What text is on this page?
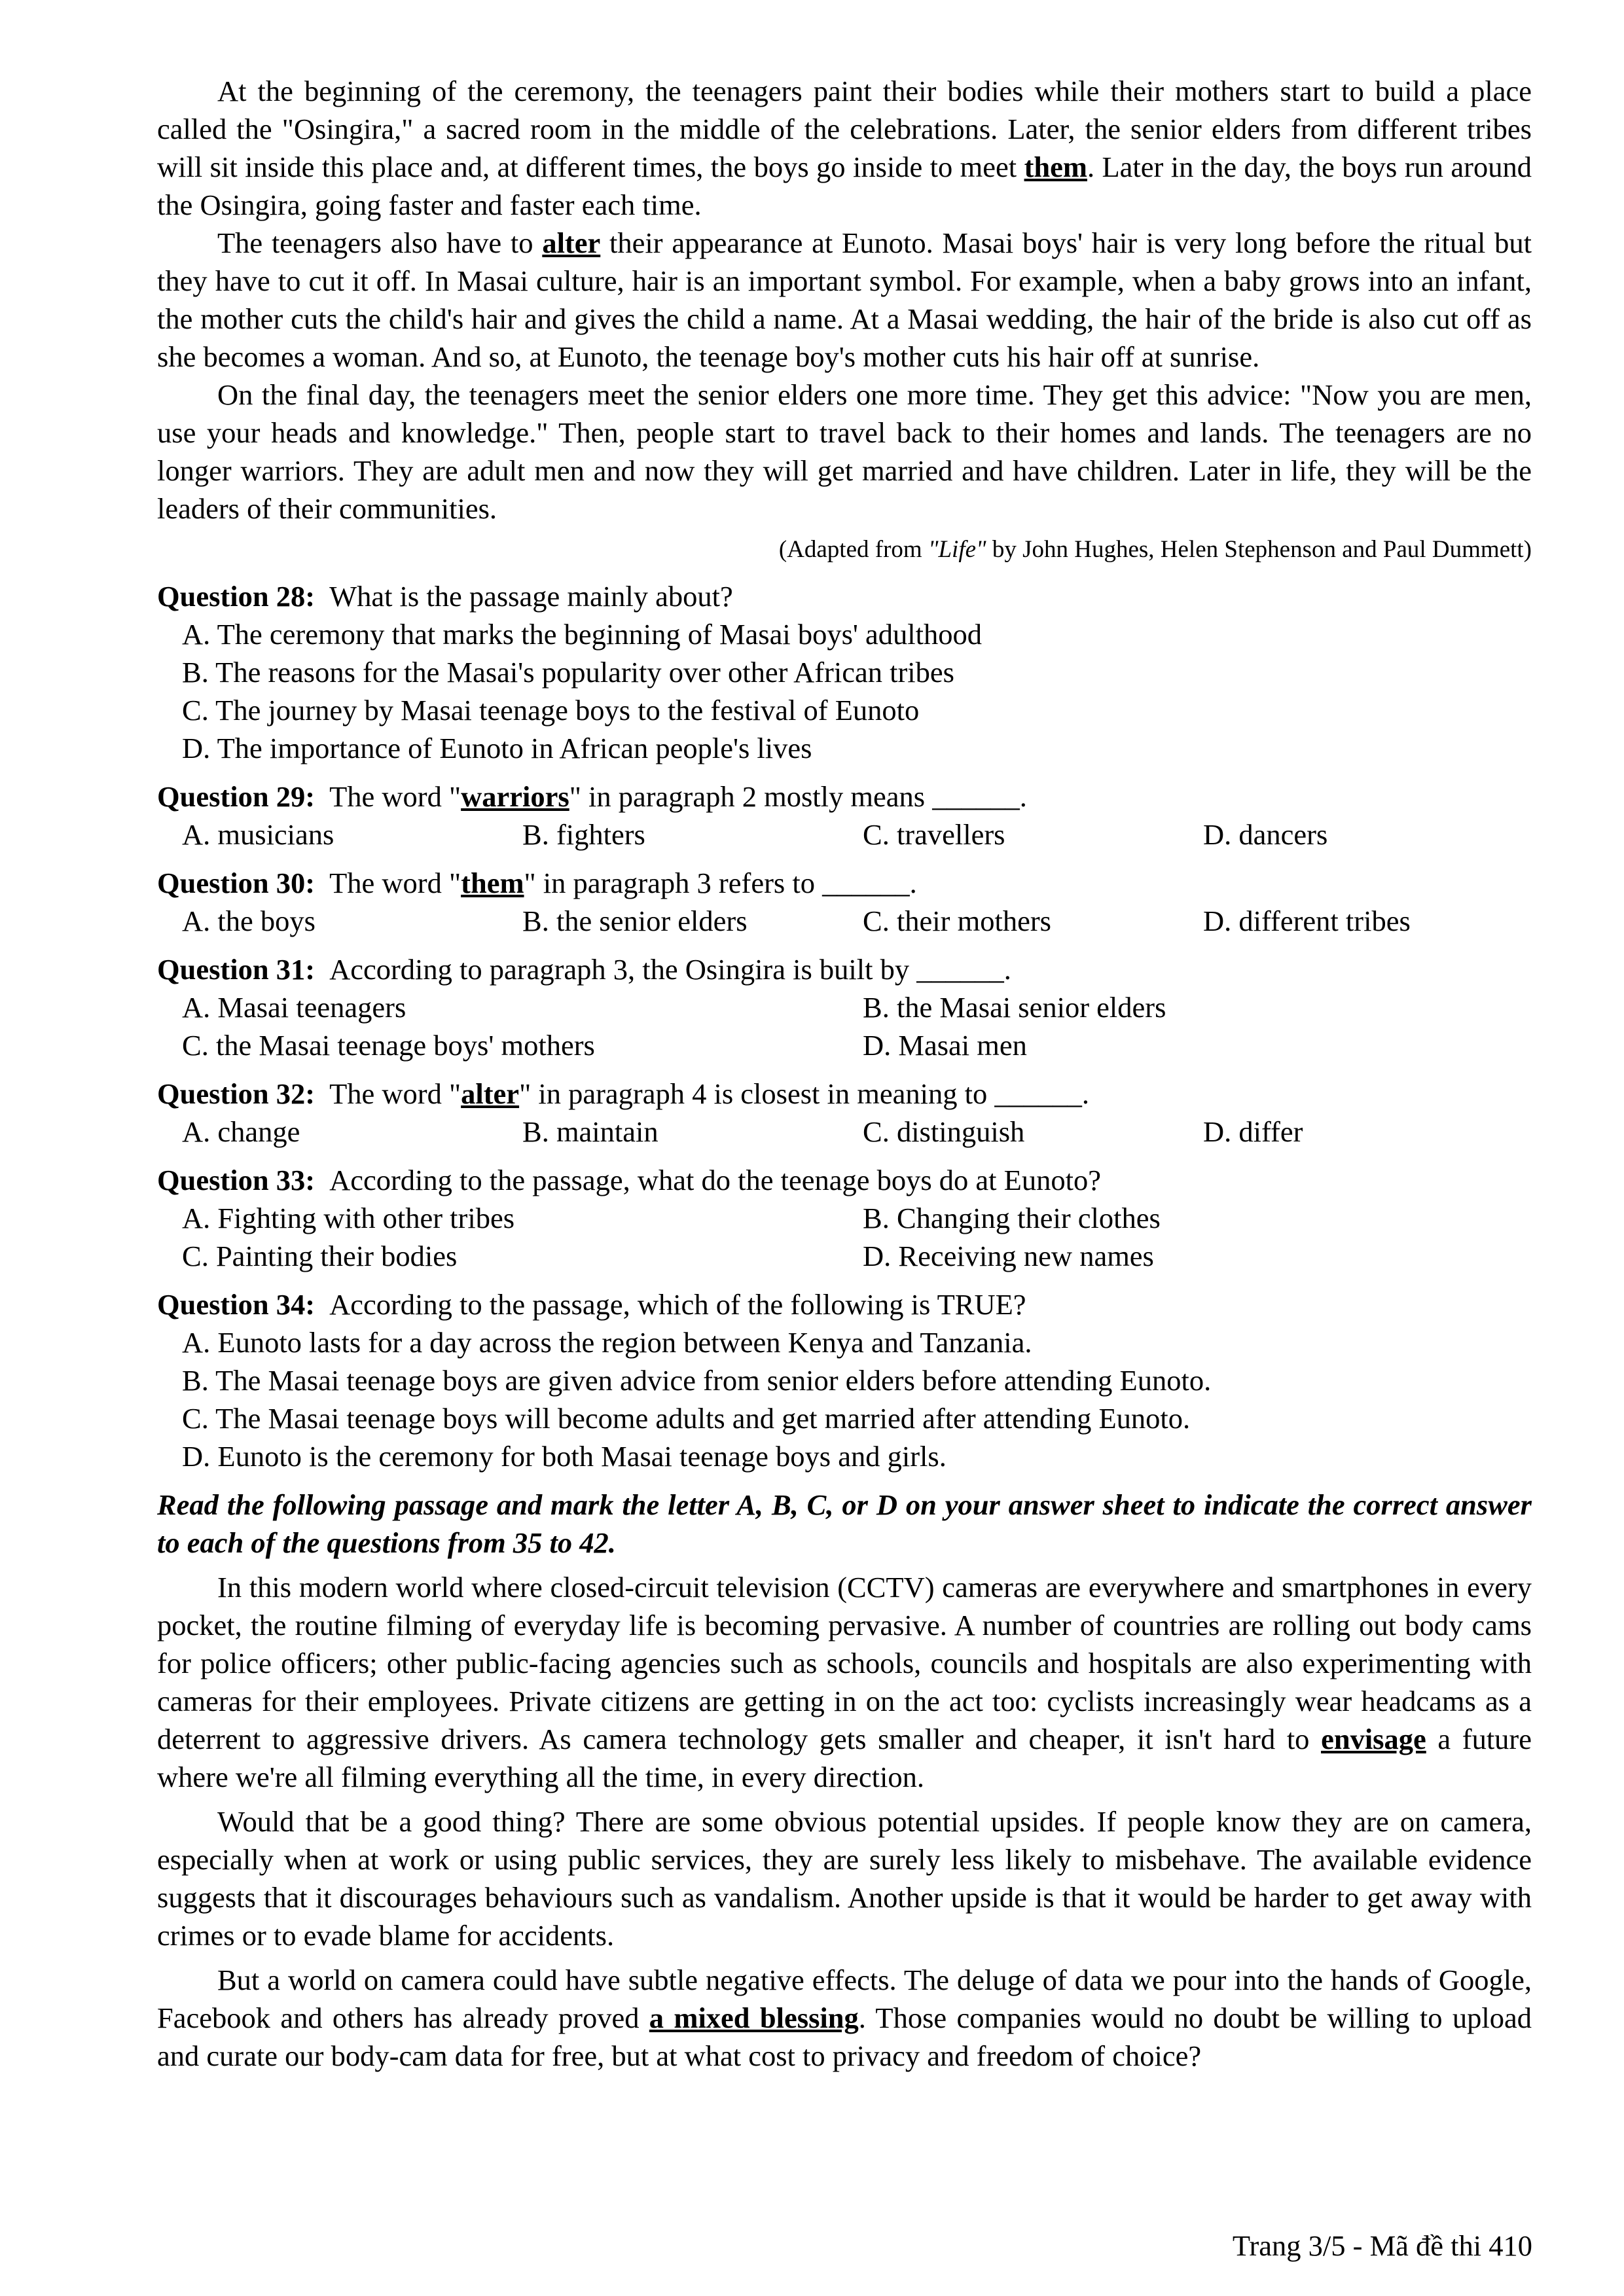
At the beginning of the ceremony, the teenagers paint their bodies while their mothers start to build a place called the "Osingira," a sacred room in the middle of the celebrations. Later, the senior elders from different tribes will sit inside this place and, at different times, the boys go inside to meet them. Later in the day, the boys run around the Osingira, going faster and faster each time.

The teenagers also have to alter their appearance at Eunoto. Masai boys' hair is very long before the ritual but they have to cut it off. In Masai culture, hair is an important symbol. For example, when a baby grows into an infant, the mother cuts the child's hair and gives the child a name. At a Masai wedding, the hair of the bride is also cut off as she becomes a woman. And so, at Eunoto, the teenage boy's mother cuts his hair off at sunrise.

On the final day, the teenagers meet the senior elders one more time. They get this advice: "Now you are men, use your heads and knowledge." Then, people start to travel back to their homes and lands. The teenagers are no longer warriors. They are adult men and now they will get married and have children. Later in life, they will be the leaders of their communities.

(Adapted from "Life" by John Hughes, Helen Stephenson and Paul Dummett)

Question 28: What is the passage mainly about?
A. The ceremony that marks the beginning of Masai boys' adulthood
B. The reasons for the Masai's popularity over other African tribes
C. The journey by Masai teenage boys to the festival of Eunoto
D. The importance of Eunoto in African people's lives
Question 29: The word "warriors" in paragraph 2 mostly means ______.
A. musicians	B. fighters	C. travellers	D. dancers
Question 30: The word "them" in paragraph 3 refers to ______.
A. the boys	B. the senior elders	C. their mothers	D. different tribes
Question 31: According to paragraph 3, the Osingira is built by ______.
A. Masai teenagers	B. the Masai senior elders
C. the Masai teenage boys' mothers	D. Masai men
Question 32: The word "alter" in paragraph 4 is closest in meaning to ______.
A. change	B. maintain	C. distinguish	D. differ
Question 33: According to the passage, what do the teenage boys do at Eunoto?
A. Fighting with other tribes	B. Changing their clothes
C. Painting their bodies	D. Receiving new names
Question 34: According to the passage, which of the following is TRUE?
A. Eunoto lasts for a day across the region between Kenya and Tanzania.
B. The Masai teenage boys are given advice from senior elders before attending Eunoto.
C. The Masai teenage boys will become adults and get married after attending Eunoto.
D. Eunoto is the ceremony for both Masai teenage boys and girls.

Read the following passage and mark the letter A, B, C, or D on your answer sheet to indicate the correct answer to each of the questions from 35 to 42.

In this modern world where closed-circuit television (CCTV) cameras are everywhere and smartphones in every pocket, the routine filming of everyday life is becoming pervasive. A number of countries are rolling out body cams for police officers; other public-facing agencies such as schools, councils and hospitals are also experimenting with cameras for their employees. Private citizens are getting in on the act too: cyclists increasingly wear headcams as a deterrent to aggressive drivers. As camera technology gets smaller and cheaper, it isn't hard to envisage a future where we're all filming everything all the time, in every direction.

Would that be a good thing? There are some obvious potential upsides. If people know they are on camera, especially when at work or using public services, they are surely less likely to misbehave. The available evidence suggests that it discourages behaviours such as vandalism. Another upside is that it would be harder to get away with crimes or to evade blame for accidents.

But a world on camera could have subtle negative effects. The deluge of data we pour into the hands of Google, Facebook and others has already proved a mixed blessing. Those companies would no doubt be willing to upload and curate our body-cam data for free, but at what cost to privacy and freedom of choice?

Trang 3/5 - Mã đề thi 410
